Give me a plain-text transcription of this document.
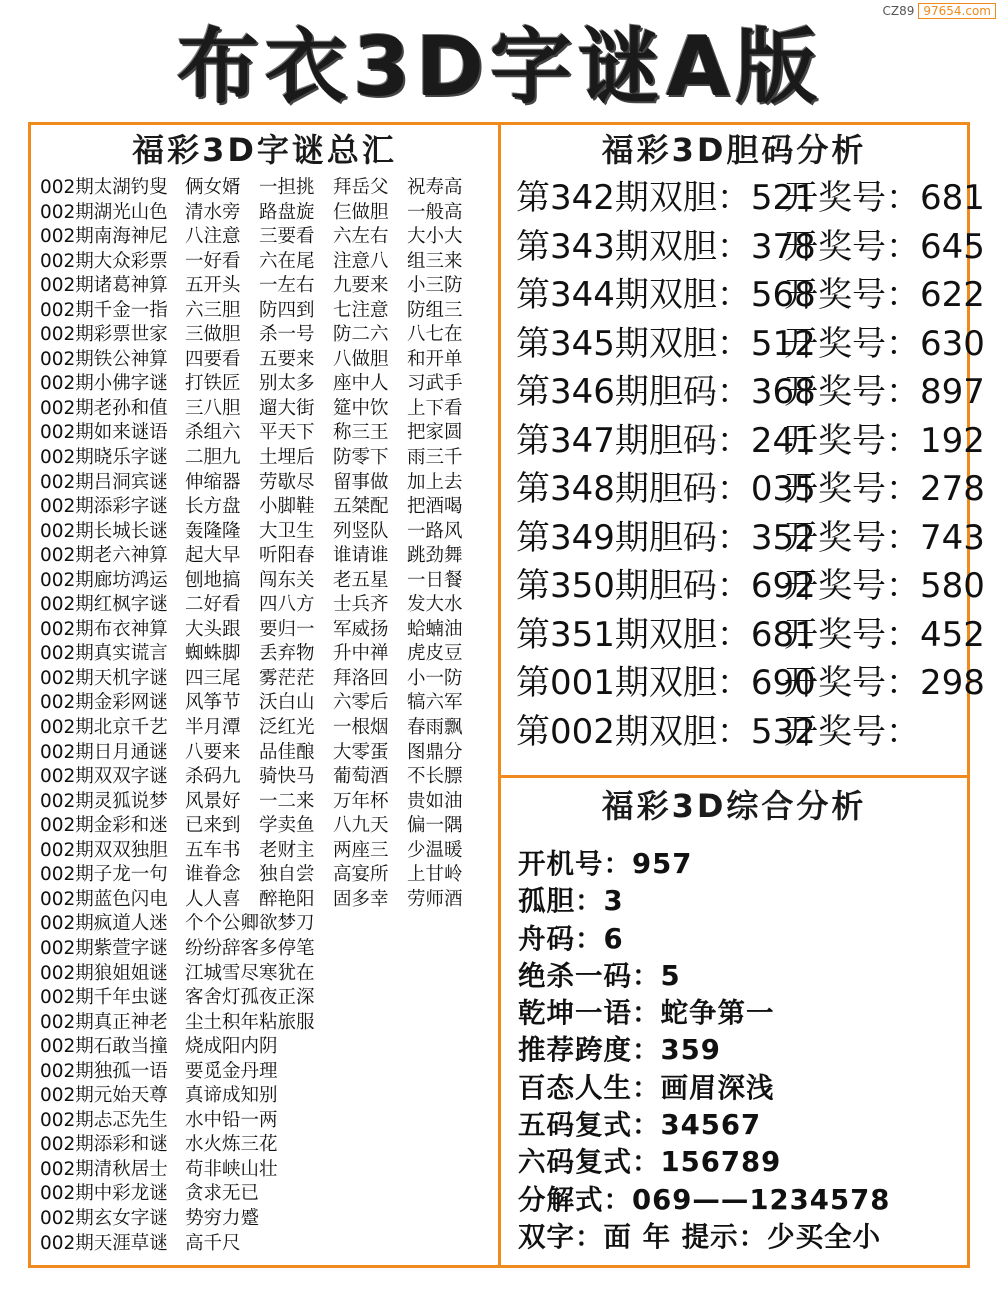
CZ89 97654.com
布衣3D字谜A版
福彩3D字谜总汇
002期太湖钓叟 俩女婿　一担挑　拜岳父　祝寿高
002期湖光山色 清水旁　路盘旋　仨做胆　一般高
002期南海神尼 八注意　三要看　六左右　大小大
002期大众彩票 一好看　六在尾　注意八　组三来
002期诸葛神算 五开头　一左右　九要来　小三防
002期千金一指 六三胆　防四到　七注意　防组三
002期彩票世家 三做胆　杀一号　防二六　八七在
002期铁公神算 四要看　五要来　八做胆　和开单
002期小佛字谜 打铁匠　别太多　座中人　习武手
002期老孙和值 三八胆　遛大街　筵中饮　上下看
002期如来谜语 杀组六　平天下　称三王　把家圆
002期晓乐字谜 二胆九　土埋后　防零下　雨三千
002期吕洞宾谜 伸缩器　劳歇尽　留事做　加上去
002期添彩字谜 长方盘　小脚鞋　五桀配　把酒喝
002期长城长谜 轰隆隆　大卫生　列竖队　一路风
002期老六神算 起大早　听阳春　谁请谁　跳劲舞
002期廊坊鸿运 刨地搞　闯东关　老五星　一日餐
002期红枫字谜 二好看　四八方　士兵齐　发大水
002期布衣神算 大头跟　要归一　军威扬　蛤蝻油
002期真实谎言 蜘蛛脚　丢弃物　升中禅　虎皮豆
002期天机字谜 四三尾　雾茫茫　拜洛回　小一防
002期金彩网谜 风筝节　沃白山　六零后　犒六军
002期北京千艺 半月潭　泛红光　一根烟　春雨飘
002期日月通谜 八要来　品佳酿　大零蛋　图鼎分
002期双双字谜 杀码九　骑快马　葡萄酒　不长膘
002期灵狐说梦 风景好　一二来　万年杯　贵如油
002期金彩和迷 已来到　学卖鱼　八九天　偏一隅
002期双双独胆 五车书　老财主　两座三　少温暖
002期子龙一句 谁眷念　独自尝　高宴所　上甘岭
002期蓝色闪电 人人喜　醉艳阳　固多幸　劳师酒
002期疯道人迷 个个公卿欲梦刀
002期紫萱字谜 纷纷辞客多停笔
002期狼姐姐谜 江城雪尽寒犹在
002期千年虫谜 客舍灯孤夜正深
002期真正神老 尘土积年粘旅服
002期石敢当撞 烧成阳内阴
002期独孤一语 要觅金丹理
002期元始天尊 真谛成知别
002期忐忑先生 水中铅一两
002期添彩和谜 水火炼三花
002期清秋居士 苟非峡山壮
002期中彩龙谜 贪求无已
002期玄女字谜 势穷力蹙
002期天涯草谜 高千尺
福彩3D胆码分析
第342期双胆：521
开奖号：681
第343期双胆：378
开奖号：645
第344期双胆：568
开奖号：622
第345期双胆：512
开奖号：630
第346期胆码：368
开奖号：897
第347期胆码：241
开奖号：192
第348期胆码：035
开奖号：278
第349期胆码：352
开奖号：743
第350期胆码：692
开奖号：580
第351期双胆：681
开奖号：452
第001期双胆：690
开奖号：298
第002期双胆：532
开奖号：
福彩3D综合分析
开机号：957
孤胆：3
舟码：6
绝杀一码：5
乾坤一语：蛇争第一
推荐跨度：359
百态人生：画眉深浅
五码复式：34567
六码复式：156789
分解式：069——1234578
双字：面 年 提示：少买全小
